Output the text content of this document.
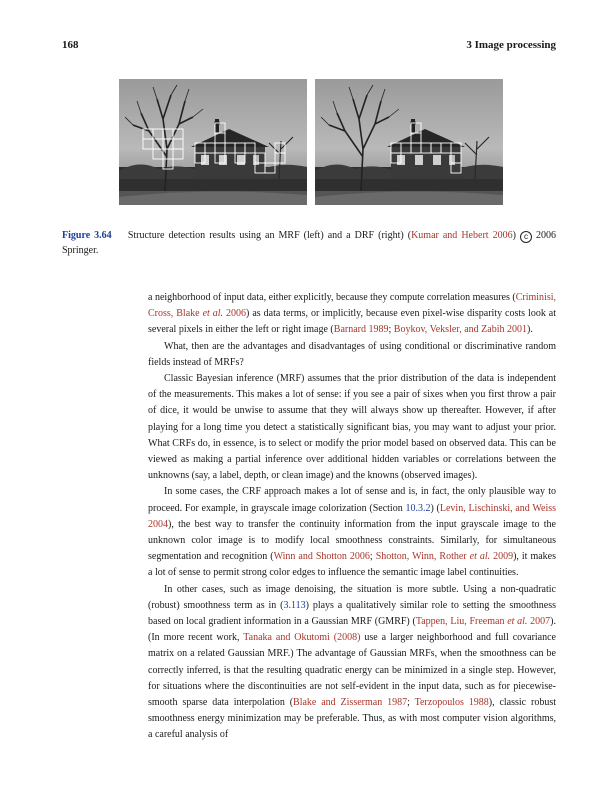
168	3 Image processing
Figure 3.64 Structure detection results using an MRF (left) and a DRF (right) (Kumar and Hebert 2006) c 2006 Springer.

a neighborhood of input data, either explicitly, because they compute correlation measures (Criminisi, Cross, Blake et al. 2006) as data terms, or implicitly, because even pixel-wise disparity costs look at several pixels in either the left or right image (Barnard 1989; Boykov, Veksler, and Zabih 2001).

What, then are the advantages and disadvantages of using conditional or discriminative random fields instead of MRFs?

Classic Bayesian inference (MRF) assumes that the prior distribution of the data is independent of the measurements. This makes a lot of sense: if you see a pair of sixes when you first throw a pair of dice, it would be unwise to assume that they will always show up thereafter. However, if after playing for a long time you detect a statistically significant bias, you may want to adjust your prior. What CRFs do, in essence, is to select or modify the prior model based on observed data. This can be viewed as making a partial inference over additional hidden variables or correlations between the unknowns (say, a label, depth, or clean image) and the knowns (observed images).

In some cases, the CRF approach makes a lot of sense and is, in fact, the only plausible way to proceed. For example, in grayscale image colorization (Section 10.3.2) (Levin, Lischinski, and Weiss 2004), the best way to transfer the continuity information from the input grayscale image to the unknown color image is to modify local smoothness constraints. Similarly, for simultaneous segmentation and recognition (Winn and Shotton 2006; Shotton, Winn, Rother et al. 2009), it makes a lot of sense to permit strong color edges to influence the semantic image label continuities.

In other cases, such as image denoising, the situation is more subtle. Using a non-quadratic (robust) smoothness term as in (3.113) plays a qualitatively similar role to setting the smoothness based on local gradient information in a Gaussian MRF (GMRF) (Tappen, Liu, Freeman et al. 2007). (In more recent work, Tanaka and Okutomi (2008) use a larger neighborhood and full covariance matrix on a related Gaussian MRF.) The advantage of Gaussian MRFs, when the smoothness can be correctly inferred, is that the resulting quadratic energy can be minimized in a single step. However, for situations where the discontinuities are not self-evident in the input data, such as for piecewise-smooth sparse data interpolation (Blake and Zisserman 1987; Terzopoulos 1988), classic robust smoothness energy minimization may be preferable. Thus, as with most computer vision algorithms, a careful analysis of
